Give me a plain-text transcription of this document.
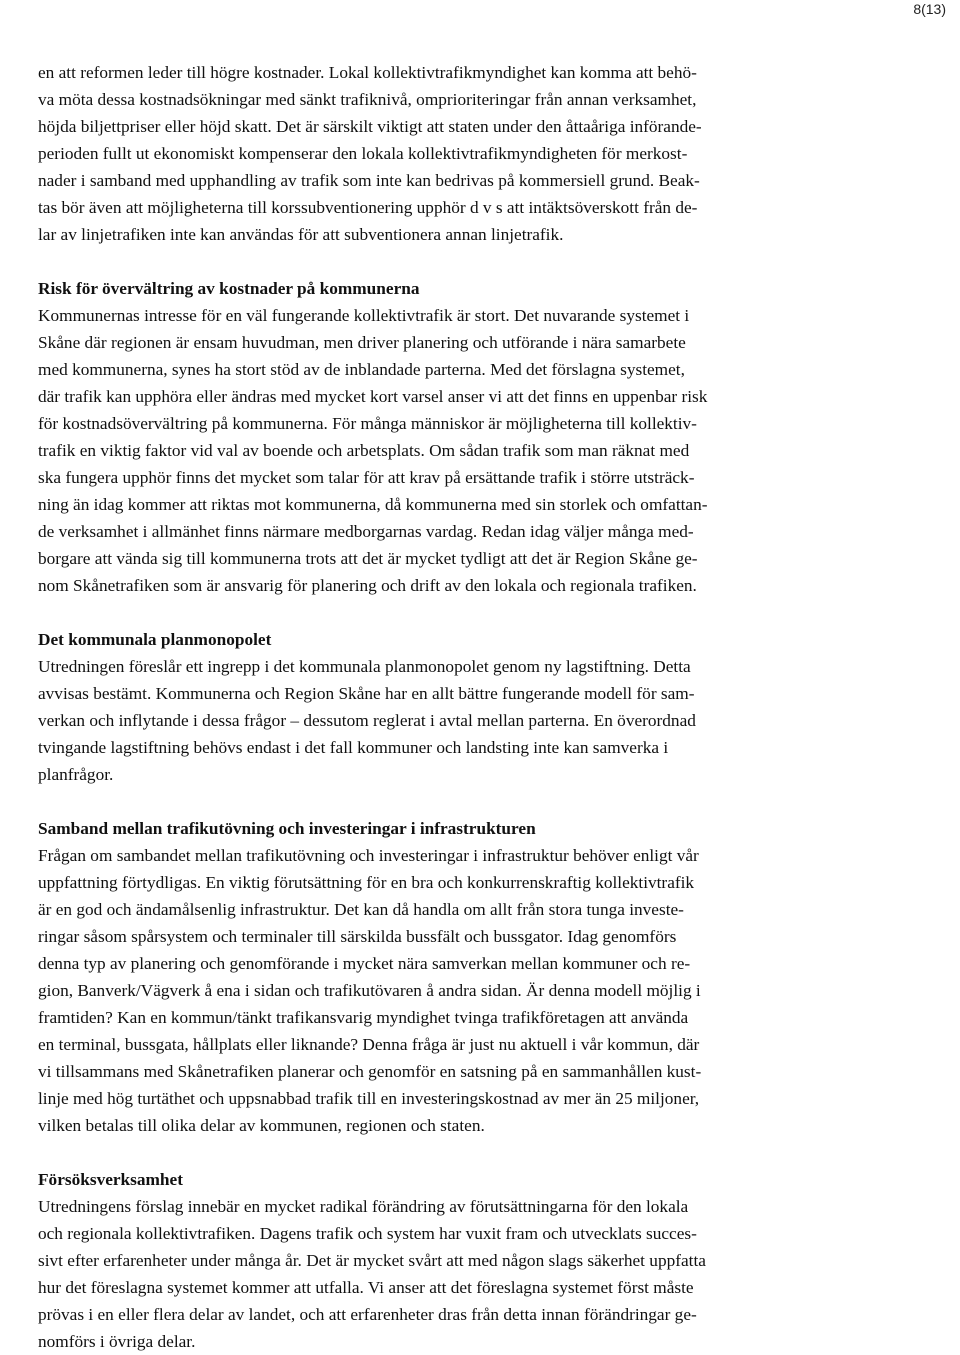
8(13)
en att reformen leder till högre kostnader. Lokal kollektivtrafikmyndighet kan komma att behö-
va möta dessa kostnadsökningar med sänkt trafiknivå, omprioriteringar från annan verksamhet,
höjda biljettpriser eller höjd skatt. Det är särskilt viktigt att staten under den åttaåriga införande-
perioden fullt ut ekonomiskt kompenserar den lokala kollektivtrafikmyndigheten för merkost-
nader i samband med upphandling av trafik som inte kan bedrivas på kommersiell grund. Beak-
tas bör även att möjligheterna till korssubventionering upphör d v s att intäktsöverskott från de-
lar av linjetrafiken inte kan användas för att subventionera annan linjetrafik.
Risk för övervältring av kostnader på kommunerna
Kommunernas intresse för en väl fungerande kollektivtrafik är stort. Det nuvarande systemet i
Skåne där regionen är ensam huvudman, men driver planering och utförande i nära samarbete
med kommunerna, synes ha stort stöd av de inblandade parterna. Med det förslagna systemet,
där trafik kan upphöra eller ändras med mycket kort varsel anser vi att det finns en uppenbar risk
för kostnadsövervältring på kommunerna. För många människor är möjligheterna till kollektiv-
trafik en viktig faktor vid val av boende och arbetsplats. Om sådan trafik som man räknat med
ska fungera upphör finns det mycket som talar för att krav på ersättande trafik i större utsträck-
ning än idag kommer att riktas mot kommunerna, då kommunerna med sin storlek och omfattan-
de verksamhet i allmänhet finns närmare medborgarnas vardag. Redan idag väljer många med-
borgare att vända sig till kommunerna trots att det är mycket tydligt att det är Region Skåne ge-
nom Skånetrafiken som är ansvarig för planering och drift av den lokala och regionala trafiken.
Det kommunala planmonopolet
Utredningen föreslår ett ingrepp i det kommunala planmonopolet genom ny lagstiftning. Detta
avvisas bestämt. Kommunerna och Region Skåne har en allt bättre fungerande modell för sam-
verkan och inflytande i dessa frågor – dessutom reglerat i avtal mellan parterna. En överordnad
tvingande lagstiftning behövs endast i det fall kommuner och landsting inte kan samverka i
planfrågor.
Samband mellan trafikutövning och investeringar i infrastrukturen
Frågan om sambandet mellan trafikutövning och investeringar i infrastruktur behöver enligt vår
uppfattning förtydligas. En viktig förutsättning för en bra och konkurrenskraftig kollektivtrafik
är en god och ändamålsenlig infrastruktur. Det kan då handla om allt från stora tunga investe-
ringar såsom spårsystem och terminaler till särskilda bussfält och bussgator. Idag genomförs
denna typ av planering och genomförande i mycket nära samverkan mellan kommuner och re-
gion, Banverk/Vägverk å ena i sidan och trafikutövaren å andra sidan. Är denna modell möjlig i
framtiden? Kan en kommun/tänkt trafikansvarig myndighet tvinga trafikföretagen att använda
en terminal, bussgata, hållplats eller liknande? Denna fråga är just nu aktuell i vår kommun, där
vi tillsammans med Skånetrafiken planerar och genomför en satsning på en sammanhållen kust-
linje med hög turtäthet och uppsnabbad trafik till en investeringskostnad av mer än 25 miljoner,
vilken betalas till olika delar av kommunen, regionen och staten.
Försöksverksamhet
Utredningens förslag innebär en mycket radikal förändring av förutsättningarna för den lokala
och regionala kollektivtrafiken. Dagens trafik och system har vuxit fram och utvecklats succes-
sivt efter erfarenheter under många år. Det är mycket svårt att med någon slags säkerhet uppfatta
hur det föreslagna systemet kommer att utfalla. Vi anser att det föreslagna systemet först måste
prövas i en eller flera delar av landet, och att erfarenheter dras från detta innan förändringar ge-
nomförs i övriga delar.
